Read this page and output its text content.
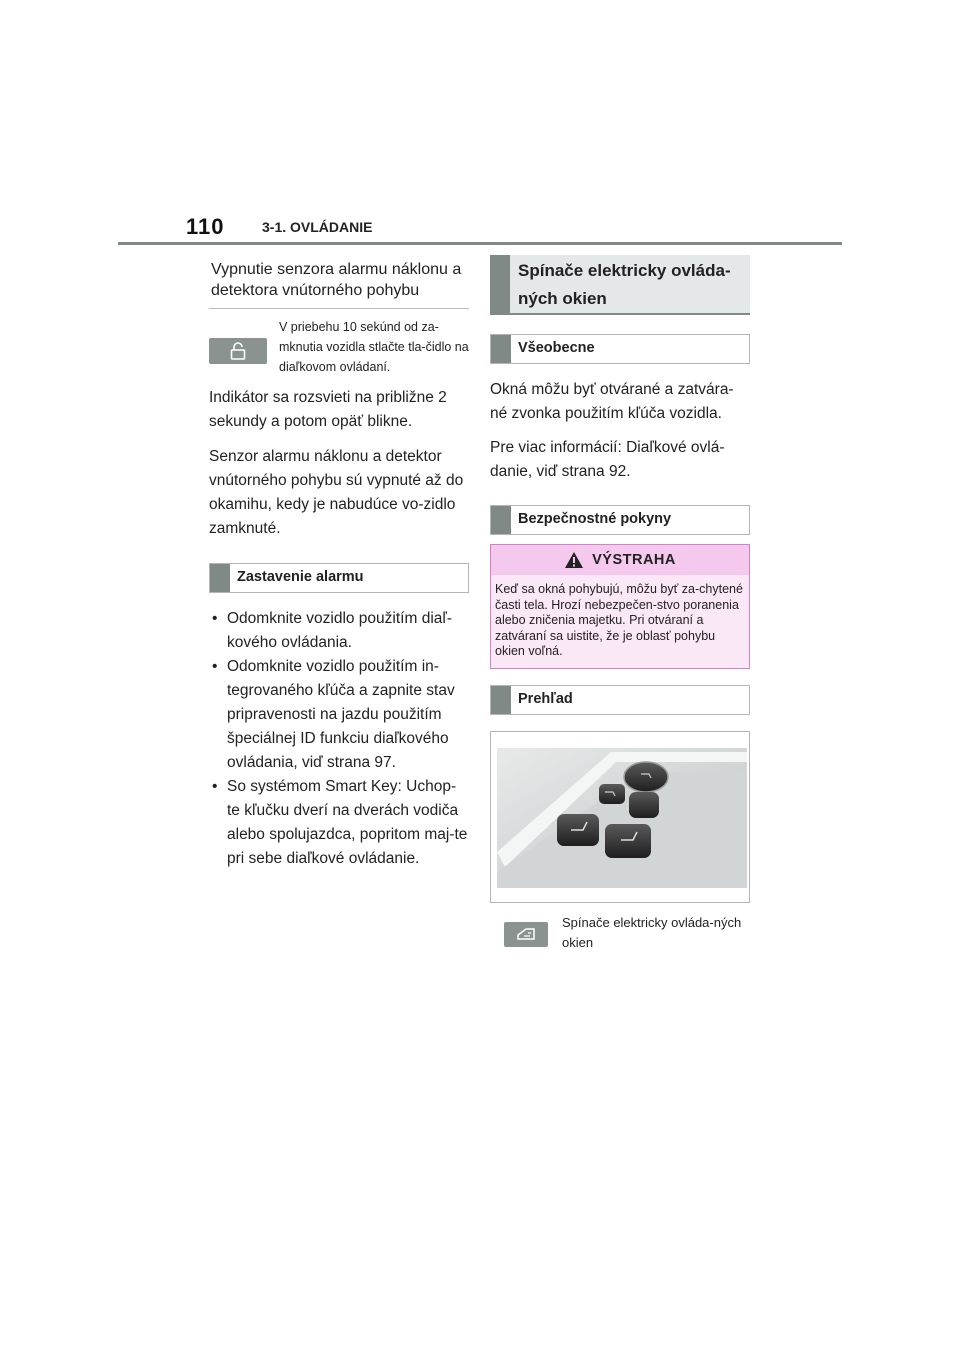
110	3-1. OVLÁDANIE
Vypnutie senzora alarmu náklonu a detektora vnútorného pohybu
V priebehu 10 sekúnd od za-mknutia vozidla stlačte tla-čidlo na diaľkovom ovládaní.

Indikátor sa rozsvieti na približne 2 sekundy a potom opäť blikne.

Senzor alarmu náklonu a detektor vnútorného pohybu sú vypnuté až do okamihu, kedy je nabudúce vo-zidlo zamknuté.

Zastavenie alarmu
• Odomknite vozidlo použitím diaľ-kového ovládania.
• Odomknite vozidlo použitím in-tegrovaného kľúča a zapnite stav pripravenosti na jazdu použitím špeciálnej ID funkciu diaľkového ovládania, viď strana 97.
• So systémom Smart Key: Uchop-te kľučku dverí na dverách vodiča alebo spolujazdca, popritom maj-te pri sebe diaľkové ovládanie.
Spínače elektricky ovláda-ných okien
Všeobecne

Okná môžu byť otvárané a zatvára-né zvonka použitím kľúča vozidla.

Pre viac informácií: Diaľkové ovlá-danie, viď strana 92.

Bezpečnostné pokyny
VÝSTRAHA
Keď sa okná pohybujú, môžu byť za-chytené časti tela. Hrozí nebezpečen-stvo poranenia alebo zničenia majetku. Pri otváraní a zatváraní sa uistite, že je oblasť pohybu okien voľná.
Prehľad
Spínače elektricky ovláda-ných okien
